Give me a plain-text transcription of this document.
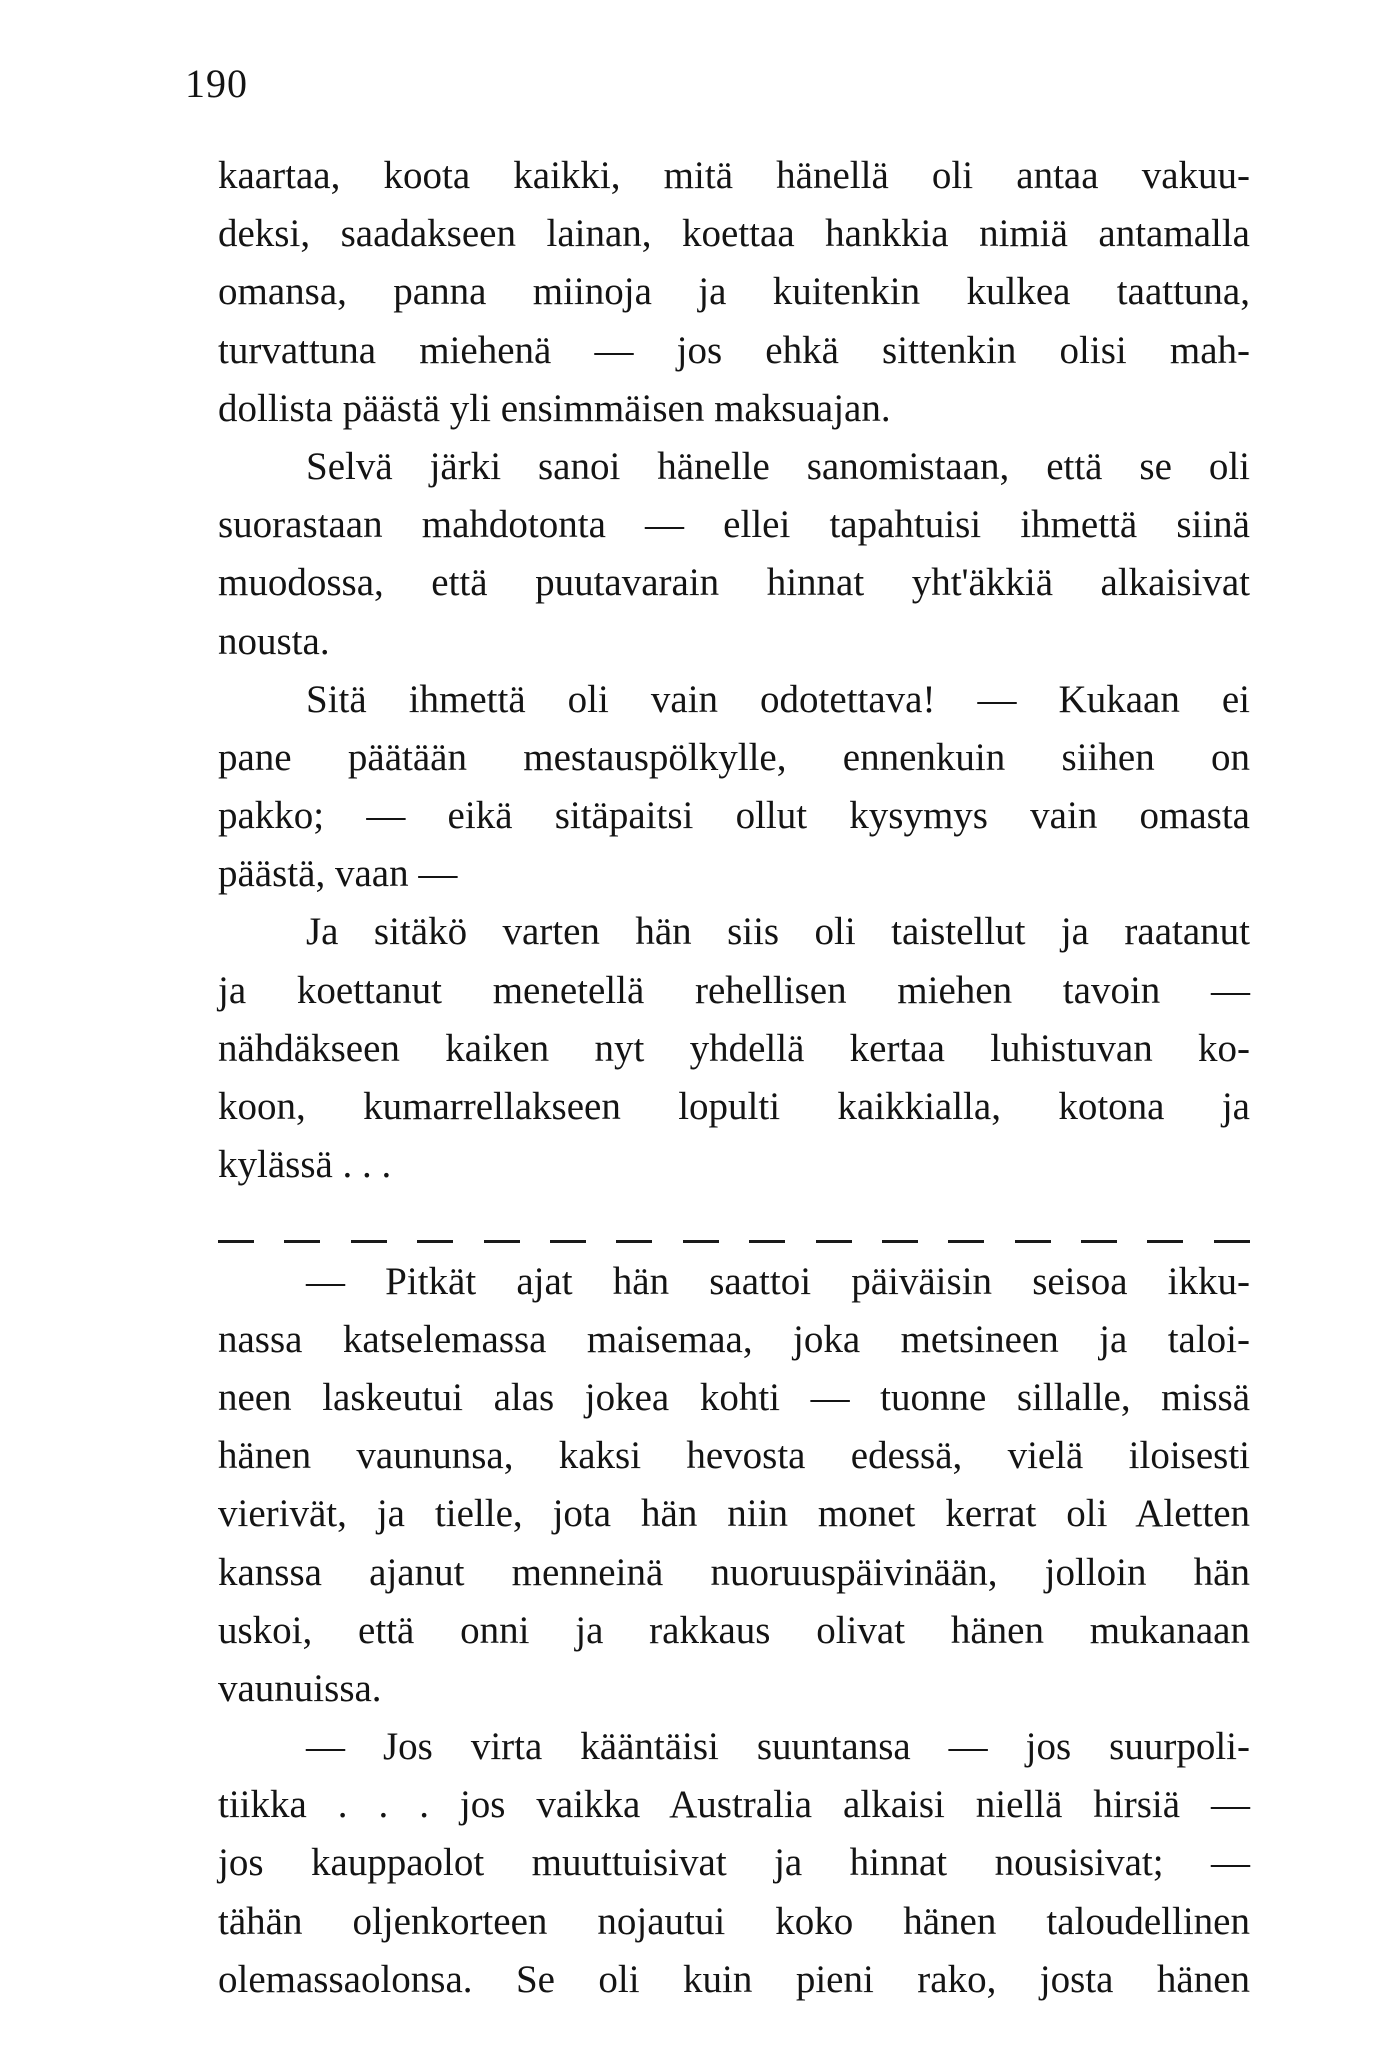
190
kaartaa, koota kaikki, mitä hänellä oli antaa vakuu-
deksi, saadakseen lainan, koettaa hankkia nimiä antamalla
omansa, panna miinoja ja kuitenkin kulkea taattuna,
turvattuna miehenä — jos ehkä sittenkin olisi mah-
dollista päästä yli ensimmäisen maksuajan.
Selvä järki sanoi hänelle sanomistaan, että se oli
suorastaan mahdotonta — ellei tapahtuisi ihmettä siinä
muodossa, että puutavarain hinnat yht'äkkiä alkaisivat
nousta.
Sitä ihmettä oli vain odotettava! — Kukaan ei
pane päätään mestauspölkylle, ennenkuin siihen on
pakko; — eikä sitäpaitsi ollut kysymys vain omasta
päästä, vaan —
Ja sitäkö varten hän siis oli taistellut ja raatanut
ja koettanut menetellä rehellisen miehen tavoin —
nähdäkseen kaiken nyt yhdellä kertaa luhistuvan ko-
koon, kumarrellakseen lopulti kaikkialla, kotona ja
kylässä . . .
— Pitkät ajat hän saattoi päiväisin seisoa ikku-
nassa katselemassa maisemaa, joka metsineen ja taloi-
neen laskeutui alas jokea kohti — tuonne sillalle, missä
hänen vaununsa, kaksi hevosta edessä, vielä iloisesti
vierivät, ja tielle, jota hän niin monet kerrat oli Aletten
kanssa ajanut menneinä nuoruuspäivinään, jolloin hän
uskoi, että onni ja rakkaus olivat hänen mukanaan
vaunuissa.
— Jos virta kääntäisi suuntansa — jos suurpoli-
tiikka . . . jos vaikka Australia alkaisi niellä hirsiä —
jos kauppaolot muuttuisivat ja hinnat nousisivat; —
tähän oljenkorteen nojautui koko hänen taloudellinen
olemassaolonsa. Se oli kuin pieni rako, josta hänen
